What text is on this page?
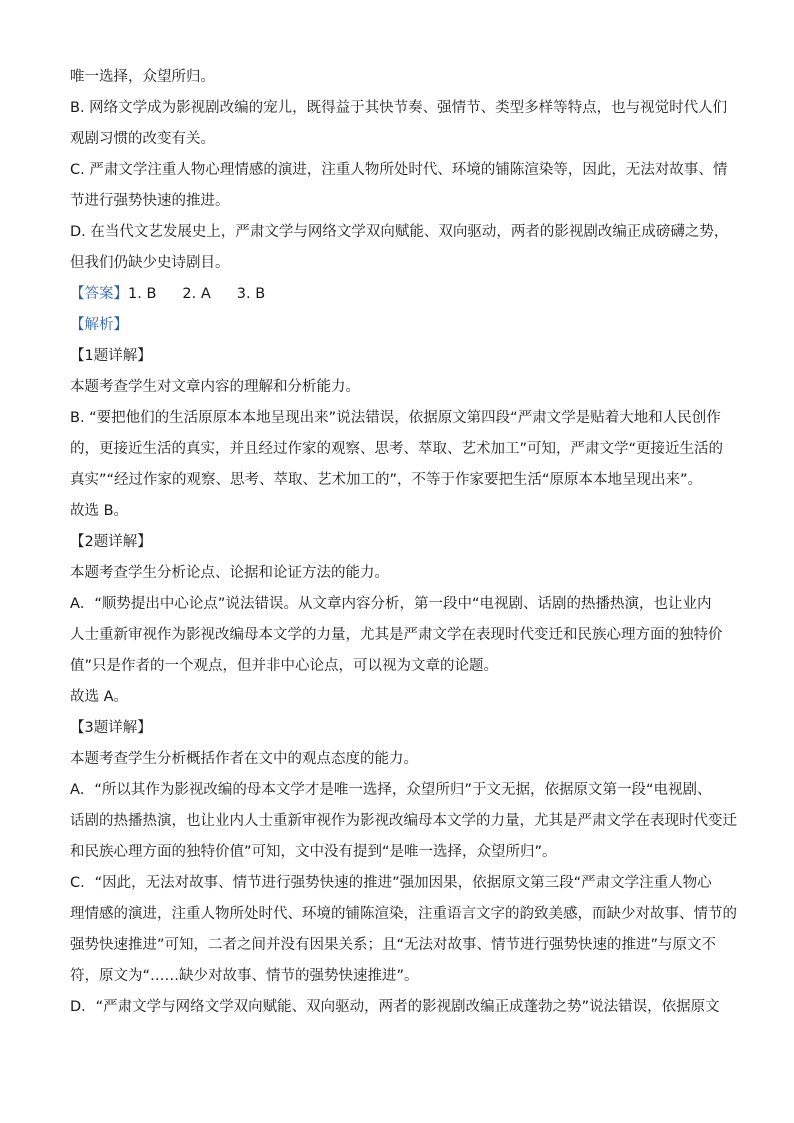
唯一选择，众望所归。
B. 网络文学成为影视剧改编的宠儿，既得益于其快节奏、强情节、类型多样等特点，也与视觉时代人们
观剧习惯的改变有关。
C. 严肃文学注重人物心理情感的演进，注重人物所处时代、环境的铺陈渲染等，因此，无法对故事、情
节进行强势快速的推进。
D. 在当代文艺发展史上，严肃文学与网络文学双向赋能、双向驱动，两者的影视剧改编正成磅礴之势，
但我们仍缺少史诗剧目。
【答案】1. B 2. A 3. B
【解析】
【1题详解】
本题考查学生对文章内容的理解和分析能力。
B. “要把他们的生活原原本本地呈现出来”说法错误，依据原文第四段“严肃文学是贴着大地和人民创作
的，更接近生活的真实，并且经过作家的观察、思考、萃取、艺术加工”可知，严肃文学“更接近生活的
真实”“经过作家的观察、思考、萃取、艺术加工的”，不等于作家要把生活“原原本本地呈现出来”。
故选 B。
【2题详解】
本题考查学生分析论点、论据和论证方法的能力。
A．“顺势提出中心论点”说法错误。从文章内容分析，第一段中“电视剧、话剧的热播热演，也让业内
人士重新审视作为影视改编母本文学的力量，尤其是严肃文学在表现时代变迁和民族心理方面的独特价
值”只是作者的一个观点，但并非中心论点，可以视为文章的论题。
故选 A。
【3题详解】
本题考查学生分析概括作者在文中的观点态度的能力。
A．“所以其作为影视改编的母本文学才是唯一选择，众望所归”于文无据，依据原文第一段“电视剧、
话剧的热播热演，也让业内人士重新审视作为影视改编母本文学的力量，尤其是严肃文学在表现时代变迁
和民族心理方面的独特价值”可知，文中没有提到“是唯一选择，众望所归”。
C．“因此，无法对故事、情节进行强势快速的推进”强加因果，依据原文第三段“严肃文学注重人物心
理情感的演进，注重人物所处时代、环境的铺陈渲染，注重语言文字的韵致美感，而缺少对故事、情节的
强势快速推进”可知，二者之间并没有因果关系；且“无法对故事、情节进行强势快速的推进”与原文不
符，原文为“……缺少对故事、情节的强势快速推进”。
D．“严肃文学与网络文学双向赋能、双向驱动，两者的影视剧改编正成蓬勃之势”说法错误，依据原文
